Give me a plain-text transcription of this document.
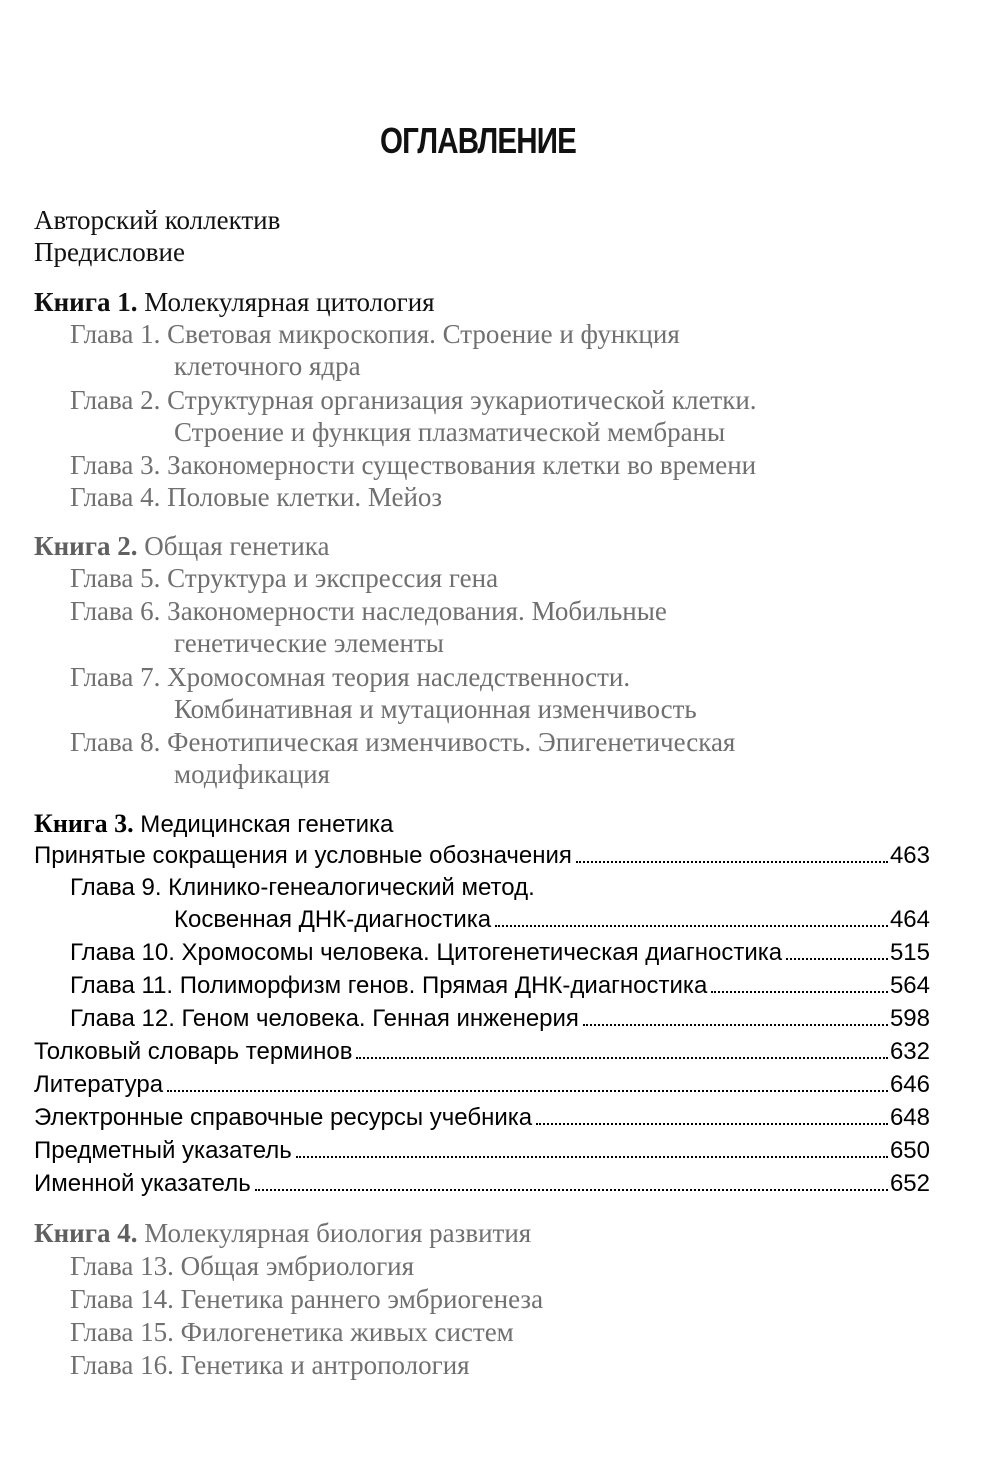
ОГЛАВЛЕНИЕ
Авторский коллектив
Предисловие
Книга 1. Молекулярная цитология
Глава 1. Световая микроскопия. Строение и функция
клеточного ядра
Глава 2. Структурная организация эукариотической клетки.
Строение и функция плазматической мембраны
Глава 3. Закономерности существования клетки во времени
Глава 4. Половые клетки. Мейоз
Книга 2. Общая генетика
Глава 5. Структура и экспрессия гена
Глава 6. Закономерности наследования. Мобильные
генетические элементы
Глава 7. Хромосомная теория наследственности.
Комбинативная и мутационная изменчивость
Глава 8. Фенотипическая изменчивость. Эпигенетическая
модификация
Книга 3. Медицинская генетика
Принятые сокращения и условные обозначения	463
Глава 9. Клинико-генеалогический метод.
Косвенная ДНК-диагностика	464
Глава 10. Хромосомы человека. Цитогенетическая диагностика	515
Глава 11. Полиморфизм генов. Прямая ДНК-диагностика	564
Глава 12. Геном человека. Генная инженерия	598
Толковый словарь терминов	632
Литература	646
Электронные справочные ресурсы учебника	648
Предметный указатель	650
Именной указатель	652
Книга 4. Молекулярная биология развития
Глава 13. Общая эмбриология
Глава 14. Генетика раннего эмбриогенеза
Глава 15. Филогенетика живых систем
Глава 16. Генетика и антропология
